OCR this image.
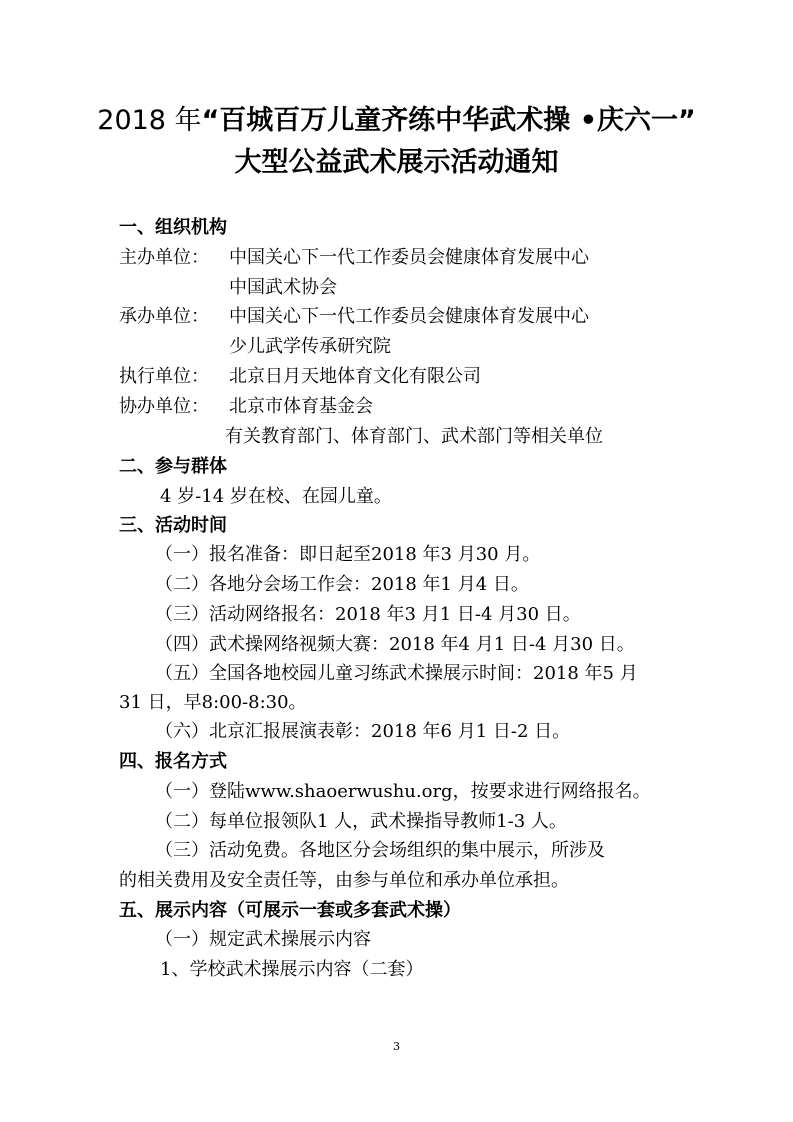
2018 年“百城百万儿童齐练中华武术操 •庆六一”
大型公益武术展示活动通知
一、组织机构
主办单位： 中国关心下一代工作委员会健康体育发展中心
中国武术协会
承办单位： 中国关心下一代工作委员会健康体育发展中心
少儿武学传承研究院
执行单位： 北京日月天地体育文化有限公司
协办单位： 北京市体育基金会
有关教育部门、体育部门、武术部门等相关单位
二、参与群体
4 岁-14 岁在校、在园儿童。
三、活动时间
（一）报名准备：即日起至2018 年3 月30 月。
（二）各地分会场工作会：2018 年1 月4 日。
（三）活动网络报名：2018 年3 月1 日-4 月30 日。
（四）武术操网络视频大赛：2018 年4 月1 日-4 月30 日。
（五）全国各地校园儿童习练武术操展示时间：2018 年5 月
31 日，早8:00-8:30。
（六）北京汇报展演表彰：2018 年6 月1 日-2 日。
四、报名方式
（一）登陆www.shaoerwushu.org，按要求进行网络报名。
（二）每单位报领队1 人，武术操指导教师1-3 人。
（三）活动免费。各地区分会场组织的集中展示，所涉及
的相关费用及安全责任等，由参与单位和承办单位承担。
五、展示内容（可展示一套或多套武术操）
（一）规定武术操展示内容
1、学校武术操展示内容（二套）
3
